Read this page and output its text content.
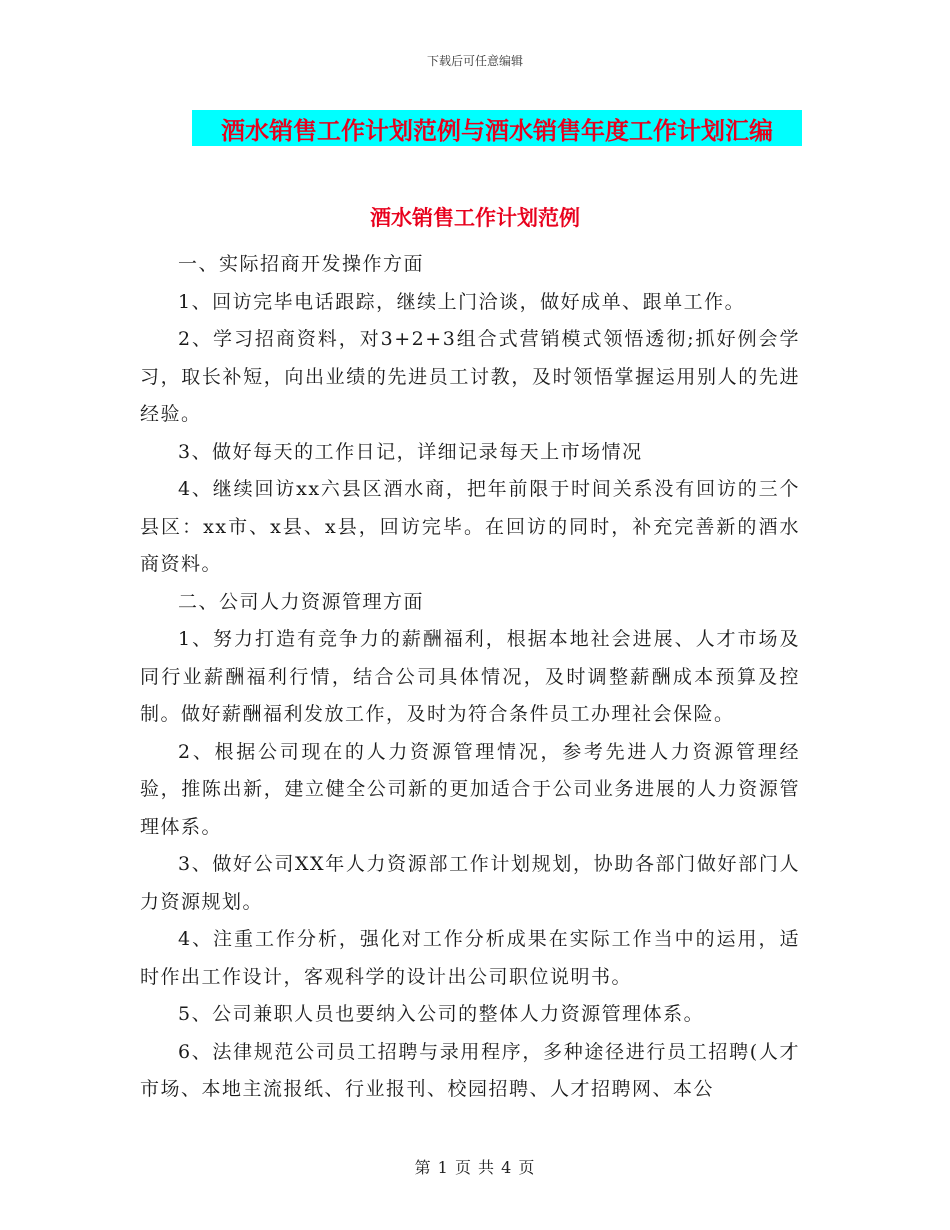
下载后可任意编辑
酒水销售工作计划范例与酒水销售年度工作计划汇编
酒水销售工作计划范例

一、实际招商开发操作方面

1、回访完毕电话跟踪，继续上门洽谈，做好成单、跟单工作。

2、学习招商资料，对3+2+3组合式营销模式领悟透彻;抓好例会学习，取长补短，向出业绩的先进员工讨教，及时领悟掌握运用别人的先进经验。

3、做好每天的工作日记，详细记录每天上市场情况

4、继续回访xx六县区酒水商，把年前限于时间关系没有回访的三个县区：xx市、x县、x县，回访完毕。在回访的同时，补充完善新的酒水商资料。

二、公司人力资源管理方面

1、努力打造有竞争力的薪酬福利，根据本地社会进展、人才市场及同行业薪酬福利行情，结合公司具体情况，及时调整薪酬成本预算及控制。做好薪酬福利发放工作，及时为符合条件员工办理社会保险。

2、根据公司现在的人力资源管理情况，参考先进人力资源管理经验，推陈出新，建立健全公司新的更加适合于公司业务进展的人力资源管理体系。

3、做好公司XX年人力资源部工作计划规划，协助各部门做好部门人力资源规划。

4、注重工作分析，强化对工作分析成果在实际工作当中的运用，适时作出工作设计，客观科学的设计出公司职位说明书。

5、公司兼职人员也要纳入公司的整体人力资源管理体系。

6、法律规范公司员工招聘与录用程序，多种途径进行员工招聘(人才市场、本地主流报纸、行业报刊、校园招聘、人才招聘网、本公

第 1 页 共 4 页
